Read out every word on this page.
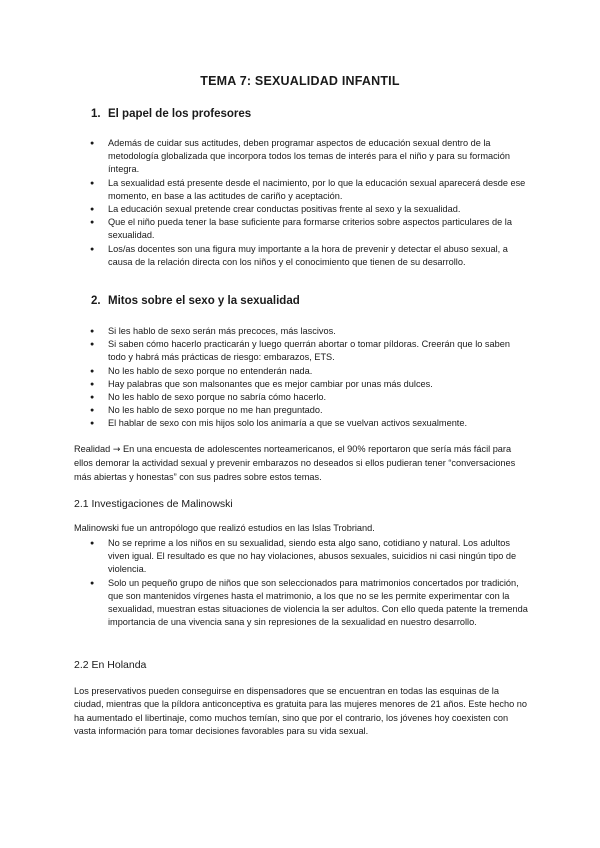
TEMA 7: SEXUALIDAD INFANTIL
1. El papel de los profesores
● Además de cuidar sus actitudes, deben programar aspectos de educación sexual dentro de la metodología globalizada que incorpora todos los temas de interés para el niño y para su formación íntegra.
● La sexualidad está presente desde el nacimiento, por lo que la educación sexual aparecerá desde ese momento, en base a las actitudes de cariño y aceptación.
● La educación sexual pretende crear conductas positivas frente al sexo y la sexualidad.
● Que el niño pueda tener la base suficiente para formarse criterios sobre aspectos particulares de la sexualidad.
● Los/as docentes son una figura muy importante a la hora de prevenir y detectar el abuso sexual, a causa de la relación directa con los niños y el conocimiento que tienen de su desarrollo.
2. Mitos sobre el sexo y la sexualidad
● Si les hablo de sexo serán más precoces, más lascivos.
● Si saben cómo hacerlo practicarán y luego querrán abortar o tomar píldoras. Creerán que lo saben todo y habrá más prácticas de riesgo: embarazos, ETS.
● No les hablo de sexo porque no entenderán nada.
● Hay palabras que son malsonantes que es mejor cambiar por unas más dulces.
● No les hablo de sexo porque no sabría cómo hacerlo.
● No les hablo de sexo porque no me han preguntado.
● El hablar de sexo con mis hijos solo los animaría a que se vuelvan activos sexualmente.
Realidad → En una encuesta de adolescentes norteamericanos, el 90% reportaron que sería más fácil para ellos demorar la actividad sexual y prevenir embarazos no deseados si ellos pudieran tener “conversaciones más abiertas y honestas” con sus padres sobre estos temas.
2.1 Investigaciones de Malinowski
Malinowski fue un antropólogo que realizó estudios en las Islas Trobriand.
● No se reprime a los niños en su sexualidad, siendo esta algo sano, cotidiano y natural. Los adultos viven igual. El resultado es que no hay violaciones, abusos sexuales, suicidios ni casi ningún tipo de violencia.
● Solo un pequeño grupo de niños que son seleccionados para matrimonios concertados por tradición, que son mantenidos vírgenes hasta el matrimonio, a los que no se les permite experimentar con la sexualidad, muestran estas situaciones de violencia la ser adultos. Con ello queda patente la tremenda importancia de una vivencia sana y sin represiones de la sexualidad en nuestro desarrollo.
2.2 En Holanda
Los preservativos pueden conseguirse en dispensadores que se encuentran en todas las esquinas de la ciudad, mientras que la píldora anticonceptiva es gratuita para las mujeres menores de 21 años. Este hecho no ha aumentado el libertinaje, como muchos temían, sino que por el contrario, los jóvenes hoy coexisten con vasta información para tomar decisiones favorables para su vida sexual.
